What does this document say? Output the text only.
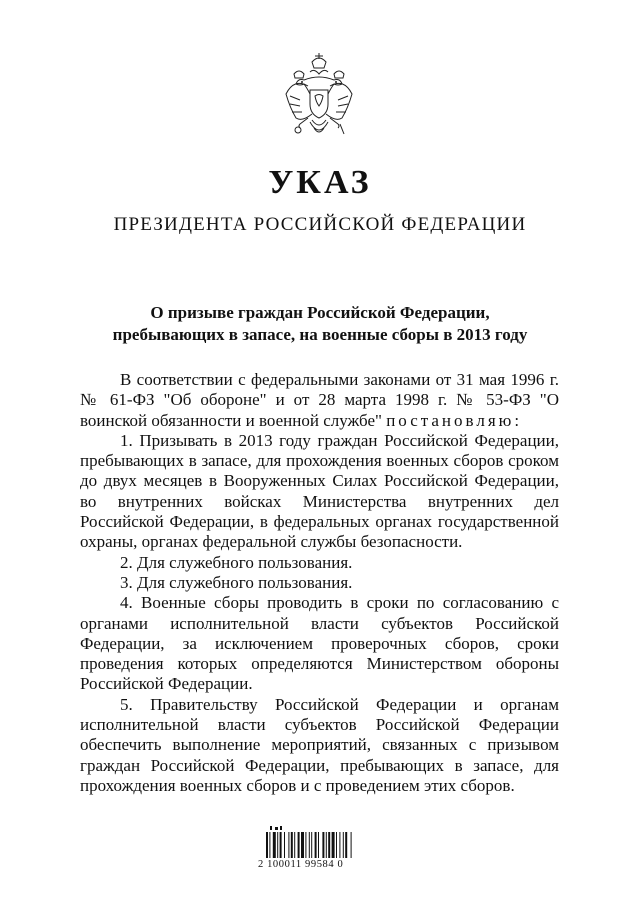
УКАЗ
ПРЕЗИДЕНТА РОССИЙСКОЙ ФЕДЕРАЦИИ
О призыве граждан Российской Федерации,
пребывающих в запасе, на военные сборы в 2013 году

В соответствии с федеральными законами от 31 мая 1996 г. № 61-ФЗ "Об обороне" и от 28 марта 1998 г. № 53-ФЗ "О воинской обязанности и военной службе" постановляю:

1. Призывать в 2013 году граждан Российской Федерации, пребывающих в запасе, для прохождения военных сборов сроком до двух месяцев в Вооруженных Силах Российской Федерации, во внутренних войсках Министерства внутренних дел Российской Федерации, в федеральных органах государственной охраны, органах федеральной службы безопасности.

2. Для служебного пользования.

3. Для служебного пользования.

4. Военные сборы проводить в сроки по согласованию с органами исполнительной власти субъектов Российской Федерации, за исключением проверочных сборов, сроки проведения которых определяются Министерством обороны Российской Федерации.

5. Правительству Российской Федерации и органам исполнительной власти субъектов Российской Федерации обеспечить выполнение мероприятий, связанных с призывом граждан Российской Федерации, пребывающих в запасе, для прохождения военных сборов и с проведением этих сборов.

2 100011 99584 0
